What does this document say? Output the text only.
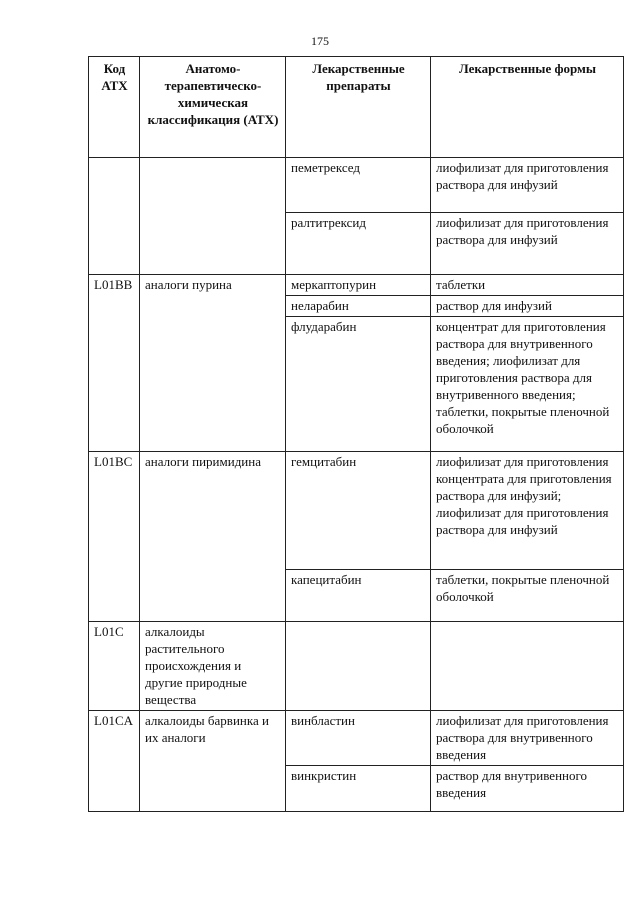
175
Код АТХ	Анатомо-терапевтическо-химическая классификация (АТХ)	Лекарственные препараты	Лекарственные формы
		пеметрексед	лиофилизат для приготовления раствора для инфузий
		ралтитрексид	лиофилизат для приготовления раствора для инфузий
L01BB	аналоги пурина	меркаптопурин	таблетки
		неларабин	раствор для инфузий
		флударабин	концентрат для приготовления раствора для внутривенного введения; лиофилизат для приготовления раствора для внутривенного введения; таблетки, покрытые пленочной оболочкой
L01BC	аналоги пиримидина	гемцитабин	лиофилизат для приготовления концентрата для приготовления раствора для инфузий; лиофилизат для приготовления раствора для инфузий
		капецитабин	таблетки, покрытые пленочной оболочкой
L01C	алкалоиды растительного происхождения и другие природные вещества		
L01CA	алкалоиды барвинка и их аналоги	винбластин	лиофилизат для приготовления раствора для внутривенного введения
		винкристин	раствор для внутривенного введения
